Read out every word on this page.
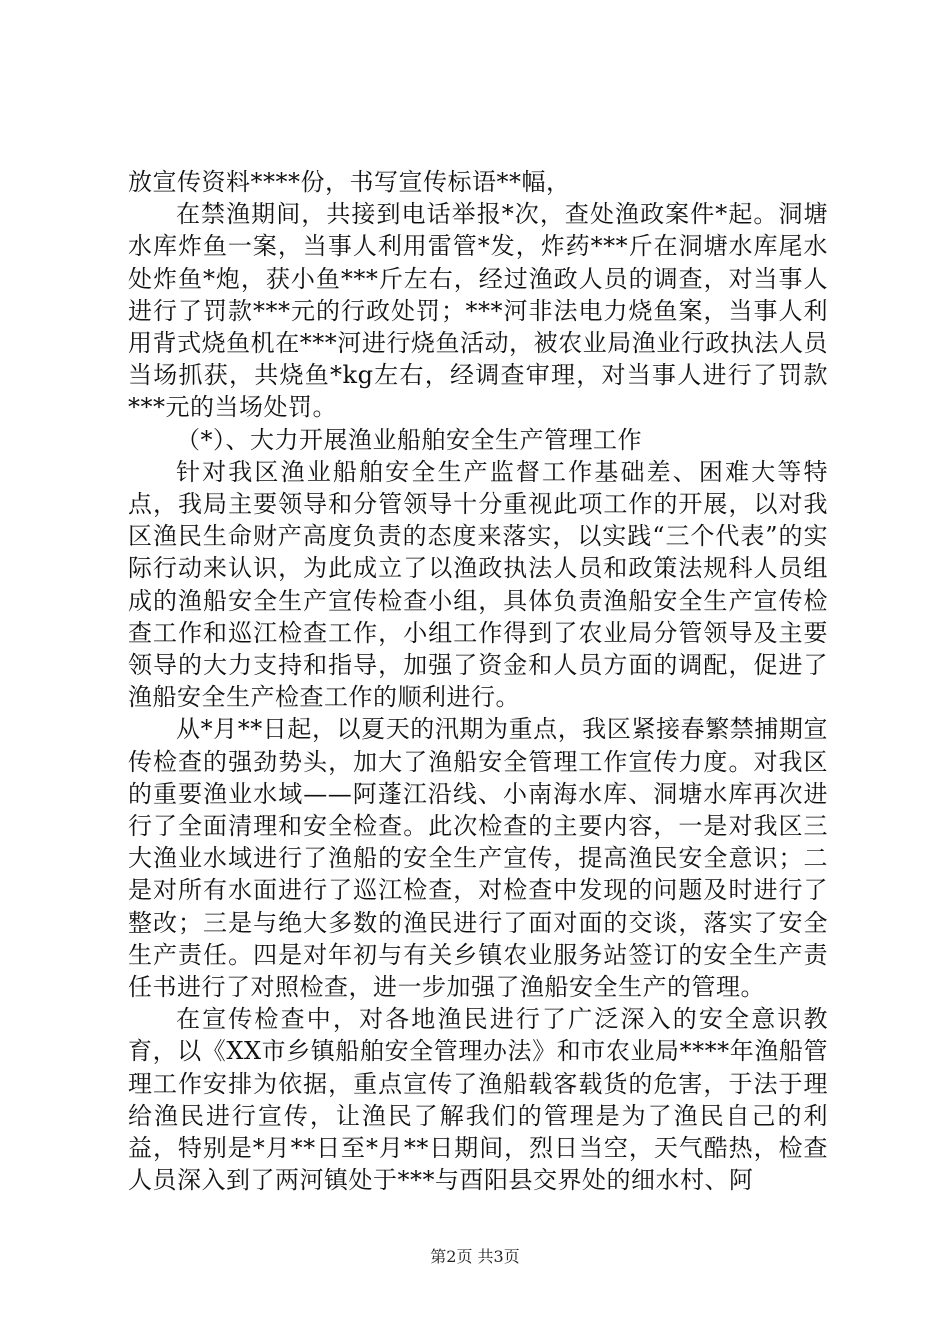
放宣传资料****份，书写宣传标语**幅，

在禁渔期间，共接到电话举报*次，查处渔政案件*起。洞塘水库炸鱼一案，当事人利用雷管*发，炸药***斤在洞塘水库尾水处炸鱼*炮，获小鱼***斤左右，经过渔政人员的调查，对当事人进行了罚款***元的行政处罚；***河非法电力烧鱼案，当事人利用背式烧鱼机在***河进行烧鱼活动，被农业局渔业行政执法人员当场抓获，共烧鱼*kg左右，经调查审理，对当事人进行了罚款***元的当场处罚。

（*）、大力开展渔业船舶安全生产管理工作

针对我区渔业船舶安全生产监督工作基础差、困难大等特点，我局主要领导和分管领导十分重视此项工作的开展，以对我区渔民生命财产高度负责的态度来落实，以实践“三个代表”的实际行动来认识，为此成立了以渔政执法人员和政策法规科人员组成的渔船安全生产宣传检查小组，具体负责渔船安全生产宣传检查工作和巡江检查工作，小组工作得到了农业局分管领导及主要领导的大力支持和指导，加强了资金和人员方面的调配，促进了渔船安全生产检查工作的顺利进行。

从*月**日起，以夏天的汛期为重点，我区紧接春繁禁捕期宣传检查的强劲势头，加大了渔船安全管理工作宣传力度。对我区的重要渔业水域——阿蓬江沿线、小南海水库、洞塘水库再次进行了全面清理和安全检查。此次检查的主要内容，一是对我区三大渔业水域进行了渔船的安全生产宣传，提高渔民安全意识；二是对所有水面进行了巡江检查，对检查中发现的问题及时进行了整改；三是与绝大多数的渔民进行了面对面的交谈，落实了安全生产责任。四是对年初与有关乡镇农业服务站签订的安全生产责任书进行了对照检查，进一步加强了渔船安全生产的管理。

在宣传检查中，对各地渔民进行了广泛深入的安全意识教育，以《XX市乡镇船舶安全管理办法》和市农业局****年渔船管理工作安排为依据，重点宣传了渔船载客载货的危害，于法于理给渔民进行宣传，让渔民了解我们的管理是为了渔民自己的利益，特别是*月**日至*月**日期间，烈日当空，天气酷热，检查人员深入到了两河镇处于***与酉阳县交界处的细水村、阿

第2页 共3页
